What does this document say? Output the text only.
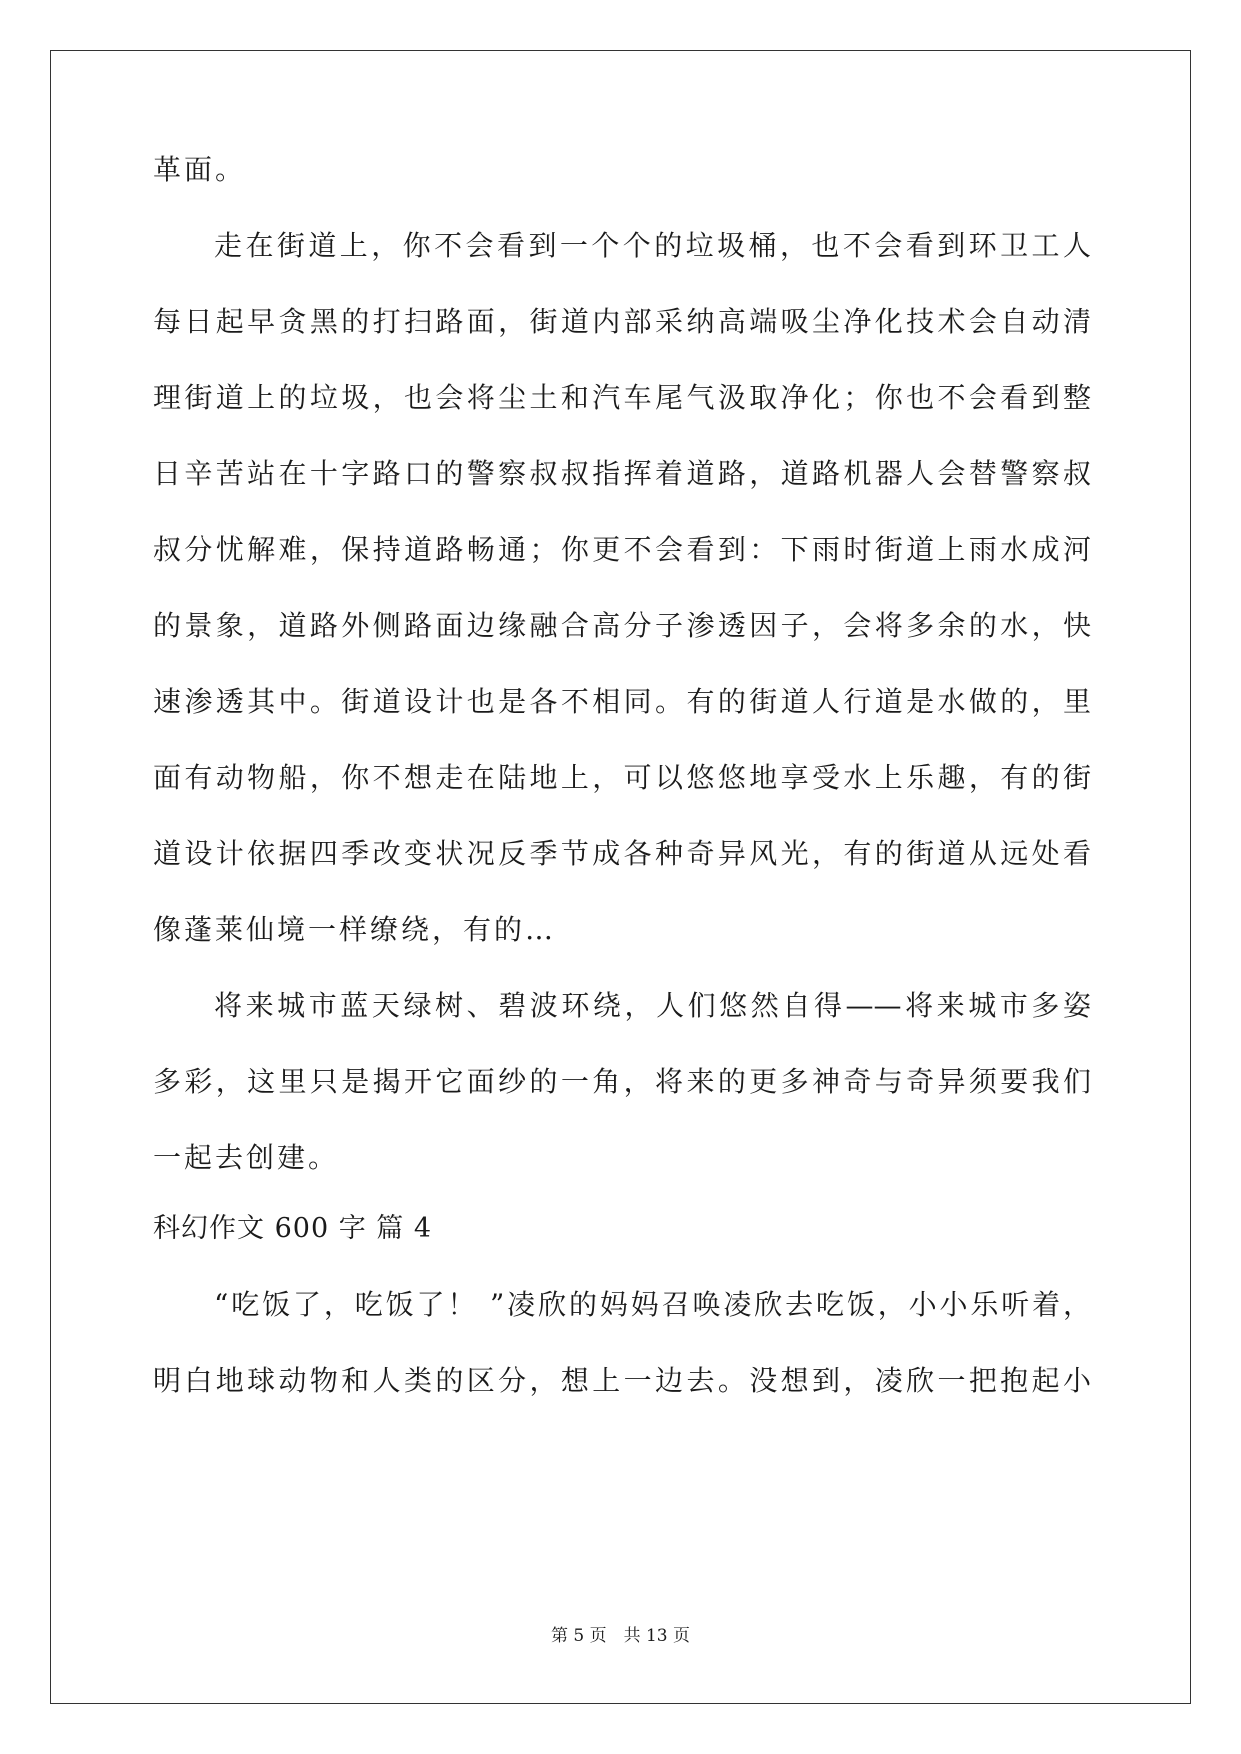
革面。
走在街道上，你不会看到一个个的垃圾桶，也不会看到环卫工人
每日起早贪黑的打扫路面，街道内部采纳高端吸尘净化技术会自动清
理街道上的垃圾，也会将尘土和汽车尾气汲取净化；你也不会看到整
日辛苦站在十字路口的警察叔叔指挥着道路，道路机器人会替警察叔
叔分忧解难，保持道路畅通；你更不会看到：下雨时街道上雨水成河
的景象，道路外侧路面边缘融合高分子渗透因子，会将多余的水，快
速渗透其中。街道设计也是各不相同。有的街道人行道是水做的，里
面有动物船，你不想走在陆地上，可以悠悠地享受水上乐趣，有的街
道设计依据四季改变状况反季节成各种奇异风光，有的街道从远处看
像蓬莱仙境一样缭绕，有的…
将来城市蓝天绿树、碧波环绕，人们悠然自得——将来城市多姿
多彩，这里只是揭开它面纱的一角，将来的更多神奇与奇异须要我们
一起去创建。
科幻作文 600 字 篇 4
“吃饭了，吃饭了！ ”凌欣的妈妈召唤凌欣去吃饭，小小乐听着，
明白地球动物和人类的区分，想上一边去。没想到，凌欣一把抱起小
第 5 页　共 13 页
